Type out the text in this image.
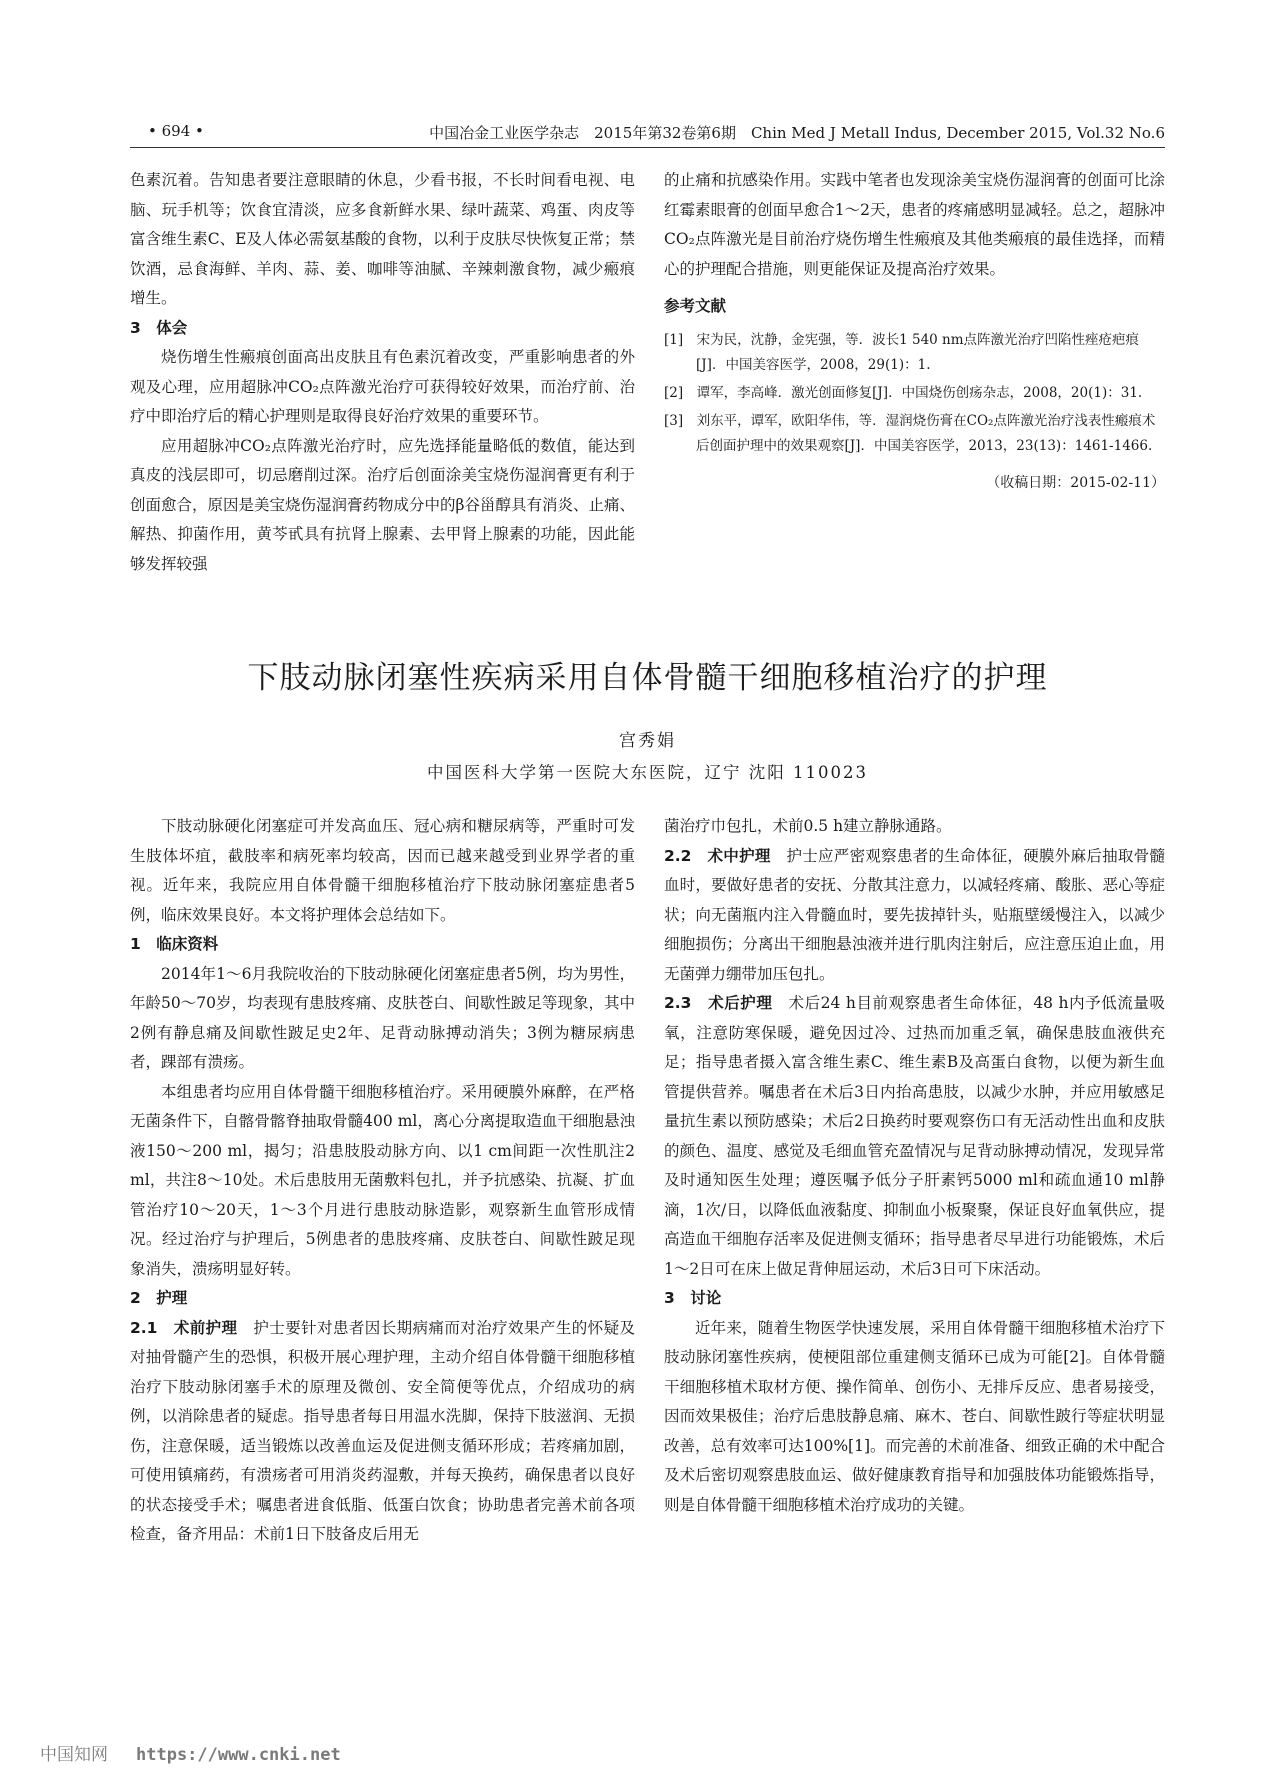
• 694 •	中国冶金工业医学杂志　2015年第32卷第6期　Chin Med J Metall Indus, December 2015, Vol.32 No.6

色素沉着。告知患者要注意眼睛的休息，少看书报，不长时间看电视、电脑、玩手机等；饮食宜清淡，应多食新鲜水果、绿叶蔬菜、鸡蛋、肉皮等富含维生素C、E及人体必需氨基酸的食物，以利于皮肤尽快恢复正常；禁饮酒，忌食海鲜、羊肉、蒜、姜、咖啡等油腻、辛辣刺激食物，减少瘢痕增生。

3　体会

烧伤增生性瘢痕创面高出皮肤且有色素沉着改变，严重影响患者的外观及心理，应用超脉冲CO₂点阵激光治疗可获得较好效果，而治疗前、治疗中即治疗后的精心护理则是取得良好治疗效果的重要环节。

应用超脉冲CO₂点阵激光治疗时，应先选择能量略低的数值，能达到真皮的浅层即可，切忌磨削过深。治疗后创面涂美宝烧伤湿润膏更有利于创面愈合，原因是美宝烧伤湿润膏药物成分中的β谷甾醇具有消炎、止痛、解热、抑菌作用，黄芩甙具有抗肾上腺素、去甲肾上腺素的功能，因此能够发挥较强

的止痛和抗感染作用。实践中笔者也发现涂美宝烧伤湿润膏的创面可比涂红霉素眼膏的创面早愈合1～2天，患者的疼痛感明显减轻。总之，超脉冲CO₂点阵激光是目前治疗烧伤增生性瘢痕及其他类瘢痕的最佳选择，而精心的护理配合措施，则更能保证及提高治疗效果。

参考文献
[1]　宋为民，沈静，金宪强，等．波长1 540 nm点阵激光治疗凹陷性痤疮疤痕[J]．中国美容医学，2008，29(1)：1.
[2]　谭军，李高峰．激光创面修复[J]．中国烧伤创疡杂志，2008，20(1)：31.
[3]　刘东平，谭军，欧阳华伟，等．湿润烧伤膏在CO₂点阵激光治疗浅表性瘢痕术后创面护理中的效果观察[J]．中国美容医学，2013，23(13)：1461-1466.
（收稿日期：2015-02-11）
下肢动脉闭塞性疾病采用自体骨髓干细胞移植治疗的护理
宫秀娟
中国医科大学第一医院大东医院，辽宁 沈阳 110023

下肢动脉硬化闭塞症可并发高血压、冠心病和糖尿病等，严重时可发生肢体坏疽，截肢率和病死率均较高，因而已越来越受到业界学者的重视。近年来，我院应用自体骨髓干细胞移植治疗下肢动脉闭塞症患者5例，临床效果良好。本文将护理体会总结如下。

1　临床资料

2014年1～6月我院收治的下肢动脉硬化闭塞症患者5例，均为男性，年龄50～70岁，均表现有患肢疼痛、皮肤苍白、间歇性跛足等现象，其中2例有静息痛及间歇性跛足史2年、足背动脉搏动消失；3例为糖尿病患者，踝部有溃疡。

本组患者均应用自体骨髓干细胞移植治疗。采用硬膜外麻醉，在严格无菌条件下，自髂骨髂脊抽取骨髓400 ml，离心分离提取造血干细胞悬浊液150～200 ml，揭匀；沿患肢股动脉方向、以1 cm间距一次性肌注2 ml，共注8～10处。术后患肢用无菌敷料包扎，并予抗感染、抗凝、扩血管治疗10～20天，1～3个月进行患肢动脉造影，观察新生血管形成情况。经过治疗与护理后，5例患者的患肢疼痛、皮肤苍白、间歇性跛足现象消失，溃疡明显好转。

2　护理

2.1　术前护理　护士要针对患者因长期病痛而对治疗效果产生的怀疑及对抽骨髓产生的恐惧，积极开展心理护理，主动介绍自体骨髓干细胞移植治疗下肢动脉闭塞手术的原理及微创、安全简便等优点，介绍成功的病例，以消除患者的疑虑。指导患者每日用温水洗脚，保持下肢滋润、无损伤，注意保暖，适当锻炼以改善血运及促进侧支循环形成；若疼痛加剧，可使用镇痛药，有溃疡者可用消炎药湿敷，并每天换药，确保患者以良好的状态接受手术；嘱患者进食低脂、低蛋白饮食；协助患者完善术前各项检查，备齐用品：术前1日下肢备皮后用无

菌治疗巾包扎，术前0.5 h建立静脉通路。

2.2　术中护理　护士应严密观察患者的生命体征，硬膜外麻后抽取骨髓血时，要做好患者的安抚、分散其注意力，以减轻疼痛、酸胀、恶心等症状；向无菌瓶内注入骨髓血时，要先拔掉针头，贴瓶壁缓慢注入，以减少细胞损伤；分离出干细胞悬浊液并进行肌肉注射后，应注意压迫止血，用无菌弹力绷带加压包扎。

2.3　术后护理　术后24 h目前观察患者生命体征，48 h内予低流量吸氧，注意防寒保暖，避免因过冷、过热而加重乏氧，确保患肢血液供充足；指导患者摄入富含维生素C、维生素B及高蛋白食物，以便为新生血管提供营养。嘱患者在术后3日内抬高患肢，以减少水肿，并应用敏感足量抗生素以预防感染；术后2日换药时要观察伤口有无活动性出血和皮肤的颜色、温度、感觉及毛细血管充盈情况与足背动脉搏动情况，发现异常及时通知医生处理；遵医嘱予低分子肝素钙5000 ml和疏血通10 ml静滴，1次/日，以降低血液黏度、抑制血小板聚聚，保证良好血氧供应，提高造血干细胞存活率及促进侧支循环；指导患者尽早进行功能锻炼，术后1～2日可在床上做足背伸屈运动，术后3日可下床活动。

3　讨论

近年来，随着生物医学快速发展，采用自体骨髓干细胞移植术治疗下肢动脉闭塞性疾病，使梗阻部位重建侧支循环已成为可能[2]。自体骨髓干细胞移植术取材方便、操作简单、创伤小、无排斥反应、患者易接受，因而效果极佳；治疗后患肢静息痛、麻木、苍白、间歇性跛行等症状明显改善，总有效率可达100%[1]。而完善的术前准备、细致正确的术中配合及术后密切观察患肢血运、做好健康教育指导和加强肢体功能锻炼指导，则是自体骨髓干细胞移植术治疗成功的关键。

中国知网 https://www.cnki.net
